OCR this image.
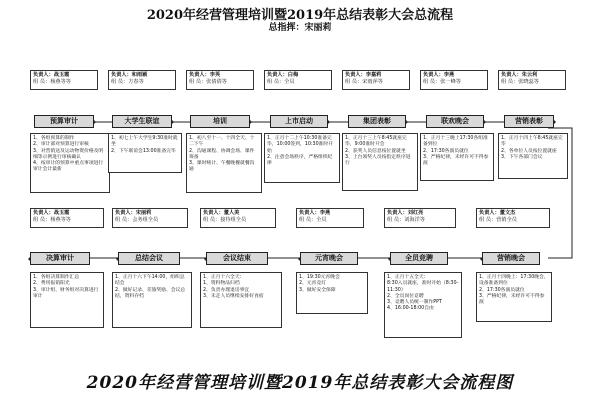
2020年经营管理培训暨2019年总结表彰大会总流程
总指挥：宋丽莉
负责人：战玉霞
组 员：杨燕等等
预算审计
1、各组预算的制作
2、审计部对预算进行审核
3、对营销送及运动物资价格及明细等示例进行审核确认
4、按审计的预算中重点事项进行审计会计最新
负责人：和雨颖
组 员：方春等
大学生联谊
1、初七上午大学生9:30准时就坐
2、下午联谊会13:00准备完毕
负责人：李英
组 员：张倩倩等
培训
1、初八至十一、十四全天、十二下午
2、沟通课程、协调会场、课件筹备
3、课时统计、午餐晚餐就餐沟通
负责人：白梅
组 员：全员
上市启动
1、正月十二上午10:30准备完毕，10:00签到，10:30准时开始
2、注意会场秩序，严格组织纪律
负责人：李嘉莉
组 员：宋雨萍等
集团表彰
1、正月十三上午8:45就座完毕，9:00准时开会
2、获奖人员信息按位置就坐
3、上台领奖人员按指定秩序进行
负责人：李燕
组 员：张一峰等
联欢晚会
1、正月十三晚上17:30各组准备到位
2、17:30各演员就位
3、严格纪律，未经许可不得参演
负责人：朱云利
组 员：张晓蕊等
营销表彰
1、正月十四上午8:45就座完毕
2、各单位人员按位置就座
3、下午各部门会议
负责人：战玉霞
组 员：杨燕等等
决算审计
1、各组决算制作汇总
2、费用报销阳光
3、审计组、财务组对决算进行审计
负责人：宋丽莉
组 员：会务组全员
总结会议
1、正月十六下午14:00，组织总结会
2、做好记录、差旅奖励、会议总结，资料存档
负责人：董人美
组 员：接待组全员
会议结束
1、正月十六全天：
1、资料物品归档
2、负责办理退房事宜
3、未走人员继续安排好食宿
负责人：李燕
组 员：全员
元宵晚会
1、19:30元宵晚会
2、元宵竞灯
3、做好安全保障
负责人：刘红亮
组 员：刘海洋等
全员竞聘
1、正月十五全天：
8:30入员就座，准时开始（8:30-11:30）
2、全员岗位竞聘
3、竞聘人员统一制作PPT
4、16:00-18:00自由
负责人：董文杰
组 员：营销全员
营销晚会
1、正月十四晚上：17:30晚会，设备准备到位
2、17:30各演员就位
3、严格纪律，未经许可不得参演
2020年经营管理培训暨2019年总结表彰大会流程图
